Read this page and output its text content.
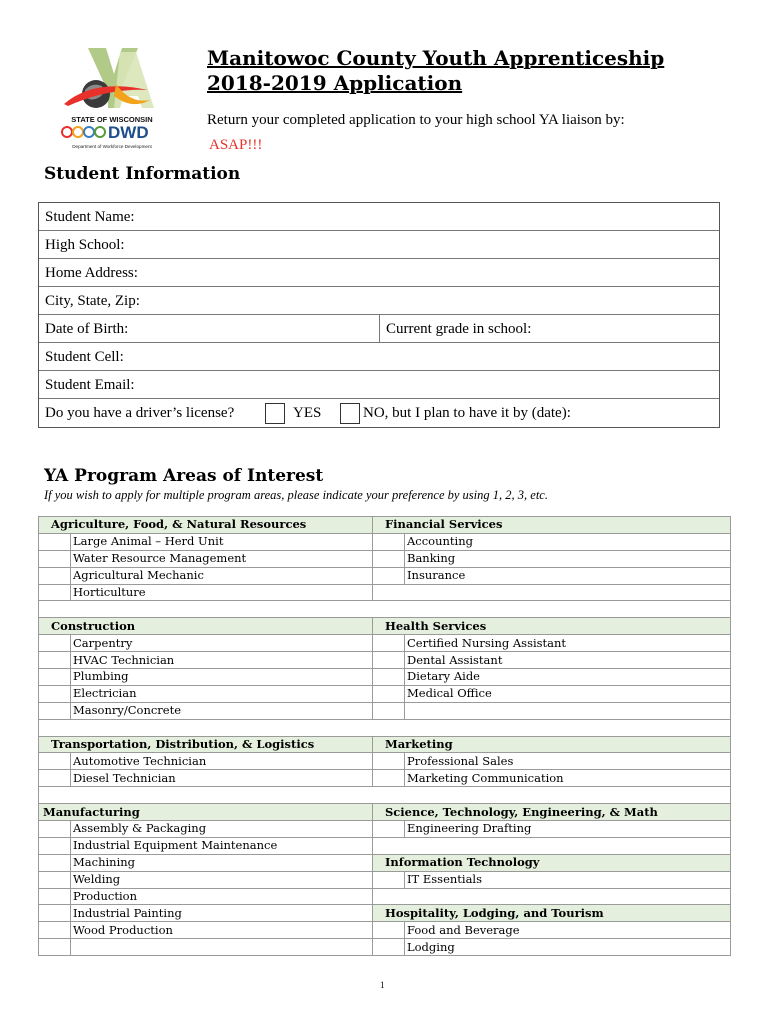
STATE OF WISCONSIN
DWD
Department of Workforce Development
Manitowoc County Youth Apprenticeship
2018-2019 Application
Return your completed application to your high school YA liaison by:
ASAP!!!
Student Information
Student Name:
High School:
Home Address:
City, State, Zip:
Date of Birth:	Current grade in school:
Student Cell:
Student Email:
Do you have a driver’s license?	YES	NO, but I plan to have it by (date):
YA Program Areas of Interest
If you wish to apply for multiple program areas, please indicate your preference by using 1, 2, 3, etc.
Agriculture, Food, & Natural Resources		Financial Services	
	Large Animal – Herd Unit		Accounting
	Water Resource Management		Banking
	Agricultural Mechanic		Insurance
	Horticulture		

Construction		Health Services	
	Carpentry		Certified Nursing Assistant
	HVAC Technician		Dental Assistant
	Plumbing		Dietary Aide
	Electrician		Medical Office
	Masonry/Concrete		

Transportation, Distribution, & Logistics		Marketing	
	Automotive Technician		Professional Sales
	Diesel Technician		Marketing Communication

Manufacturing		Science, Technology, Engineering, & Math	
	Assembly & Packaging		Engineering Drafting
	Industrial Equipment Maintenance		
	Machining	Information Technology	
	Welding		IT Essentials
	Production		
	Industrial Painting	Hospitality, Lodging, and Tourism	
	Wood Production		Food and Beverage
			Lodging
1
